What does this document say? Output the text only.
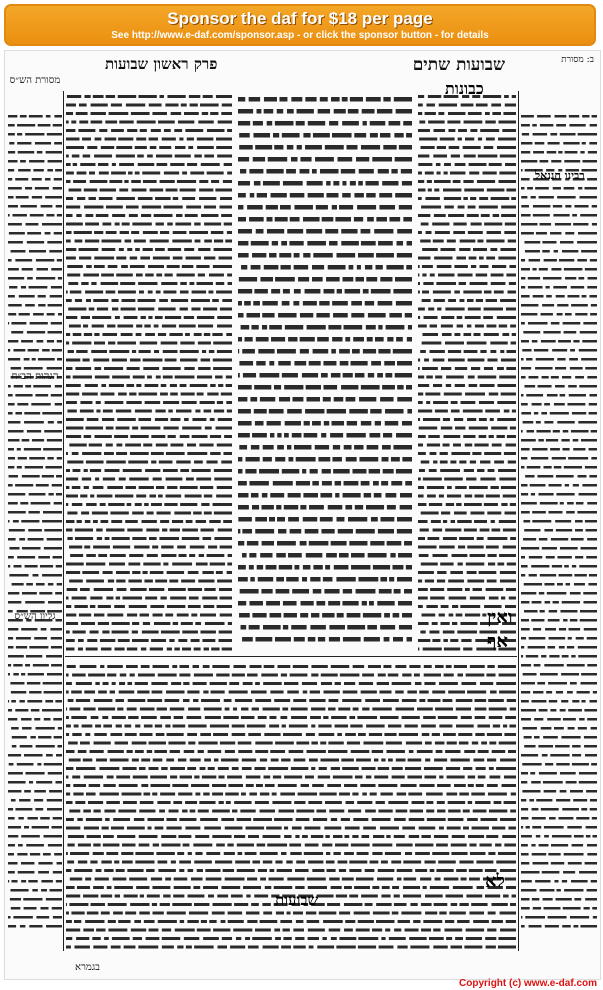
Sponsor the daf for $18 per page
See http://www.e-daf.com/sponsor.asp - or click the sponsor button - for details
שבועות שתים
פרק ראשון שבועות	ב: מסורת
כבונות
רבינו חננאל
ואין
אף
שבועות
לא
מסורת הש״ס
הגהות הב״ח
גליון הש״ס
בגמרא
Copyright (c) www.e-daf.com
